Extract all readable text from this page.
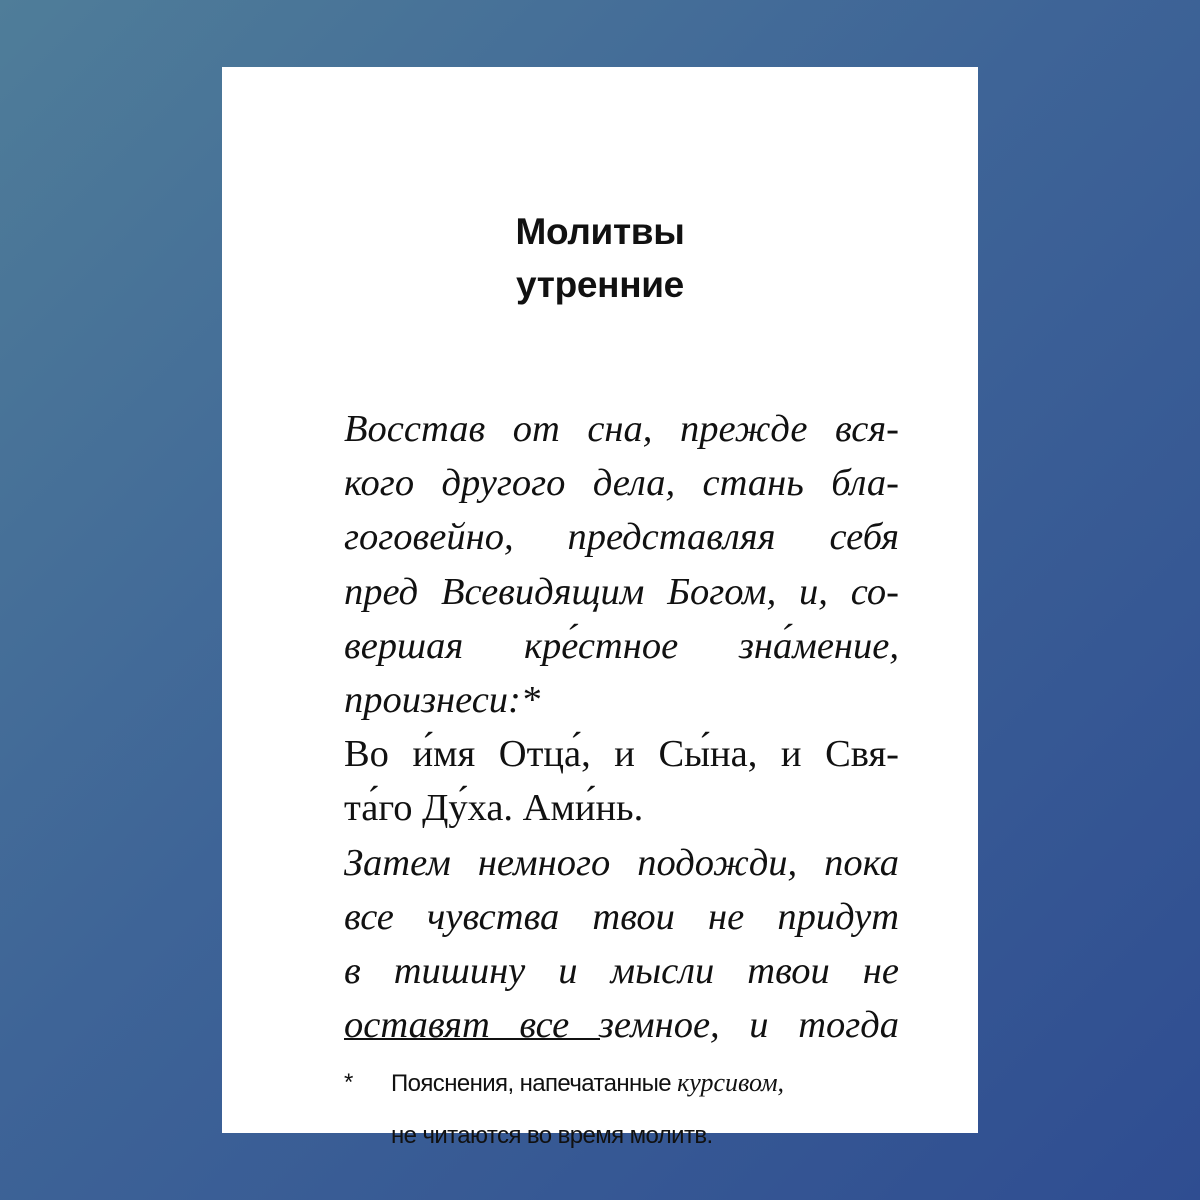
Молитвы
утренние
Восстав от сна, прежде вся-
кого другого дела, стань бла-
гоговейно, представляя себя
пред Всевидящим Богом, и, со-
вершая кре́стное зна́мение,
произнеси:*
Во и́мя Отца́, и Сы́на, и Свя-
та́го Ду́ха. Ами́нь.
Затем немного подожди, пока
все чувства твои не придут
в тишину и мысли твои не
оставят все земное, и тогда
* Пояснения, напечатанные курсивом,
не читаются во время молитв.
